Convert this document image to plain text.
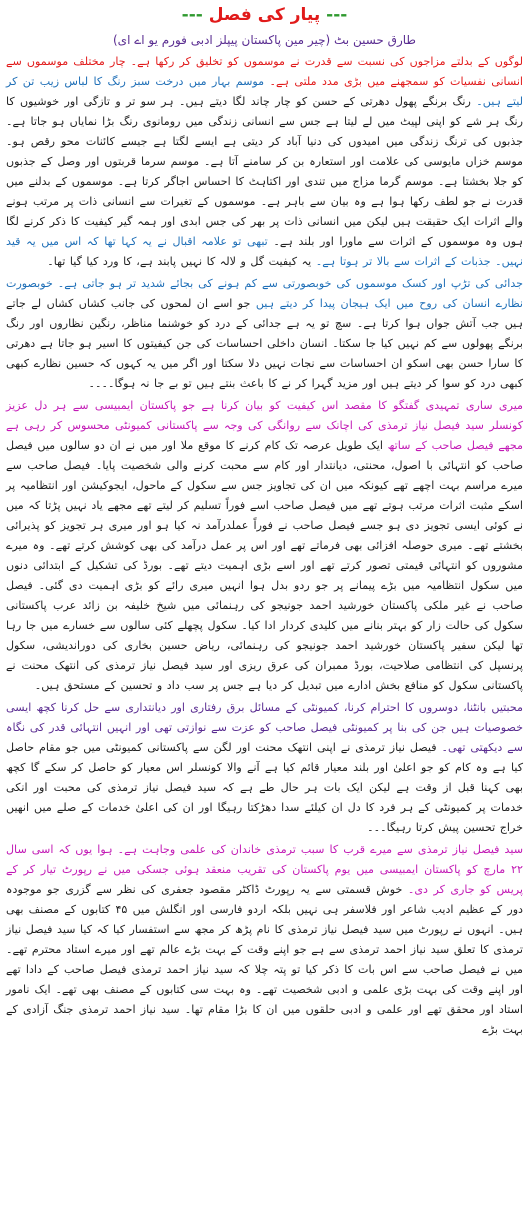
--- پیار کی فصل ---
طارق حسین بٹ (چیر مین پاکستان پیپلز ادبی فورم یو اے ای)

لوگوں کے بدلتے مزاجوں کی نسبت سے قدرت نے موسموں کو تخلیق کر رکھا ہے۔ چار مختلف موسموں سے انسانی نفسیات کو سمجھنے میں بڑی مدد ملتی ہے۔ موسم بہار میں درخت سبز رنگ کا لباس زیب تن کر لیتے ہیں۔ رنگ برنگے پھول دھرتی کے حسن کو چار چاند لگا دیتے ہیں۔ ہر سو تر و تازگی اور خوشیوں کا رنگ ہر شے کو اپنی لپیٹ میں لے لیتا ہے جس سے انسانی زندگی میں رومانوی رنگ بڑا نمایاں ہو جاتا ہے۔ جذبوں کی ترنگ زندگی میں امیدوں کی دنیا آباد کر دیتی ہے ایسے لگتا ہے جیسے کائنات محو رقص ہو۔ موسم خزاں مایوسی کی علامت اور استعارہ بن کر سامنے آتا ہے۔ موسم سرما قربتوں اور وصل کے جذبوں کو جلا بخشتا ہے۔ موسم گرما مزاج میں تندی اور اکتاہٹ کا احساس اجاگر کرتا ہے۔ موسموں کے بدلنے میں قدرت نے جو لطف رکھا ہوا ہے وہ بیان سے باہر ہے۔ موسموں کے تغیرات سے انسانی ذات پر مرتب ہونے والے اثرات ایک حقیقت ہیں لیکن میں انسانی ذات پر بھر کی جس ابدی اور ہمہ گیر کیفیت کا ذکر کرنے لگا ہوں وہ موسموں کے اثرات سے ماورا اور بلند ہے۔ تبھی تو علامہ اقبال نے یہ کہا تھا کہ اس میں یہ قید نہیں۔ جذبات کے اثرات سے بالا تر ہوتا ہے۔ یہ کیفیت گل و لالہ کا نہیں پابند ہے، کا ورد کیا گیا تھا۔

جدائی کی تڑپ اور کسک موسموں کی خوبصورتی سے کم ہونے کی بجائے شدید تر ہو جاتی ہے۔ خوبصورت نظارے انسان کی روح میں ایک ہیجان پیدا کر دیتے ہیں جو اسے ان لمحوں کی جانب کشاں کشاں لے جاتے ہیں جب آتش جواں ہوا کرتا ہے۔ سچ تو یہ ہے جدائی کے درد کو خوشنما مناظر، رنگین نظاروں اور رنگ برنگے پھولوں سے کم نہیں کیا جا سکتا۔ انسان داخلی احساسات کی جن کیفیتوں کا اسیر ہو جاتا ہے دھرتی کا سارا حسن بھی اسکو ان احساسات سے نجات نہیں دلا سکتا اور اگر میں یہ کہوں کہ حسین نظارے کبھی کبھی درد کو سوا کر دیتے ہیں اور مزید گہرا کر نے کا باعث بنتے ہیں تو بے جا نہ ہوگا۔۔۔۔

میری ساری تمہیدی گفتگو کا مقصد اس کیفیت کو بیان کرنا ہے جو پاکستان ایمبیسی سے ہر دل عزیز کونسلر سید فیصل نیاز ترمذی کی اچانک سے روانگی کی وجہ سے پاکستانی کمیونٹی محسوس کر رہی ہے مجھے فیصل صاحب کے ساتھ ایک طویل عرصہ تک کام کرنے کا موقع ملا اور میں نے ان دو سالوں میں فیصل صاحب کو انتہائی با اصول، محنتی، دیانتدار اور کام سے محبت کرنے والی شخصیت پایا۔ فیصل صاحب سے میرے مراسم بہت اچھے تھے کیونکہ میں ان کی تجاویز جس سے سکول کے ماحول، ایجوکیشن اور انتظامیہ پر اسکے مثبت اثرات مرتب ہوتے تھے میں فیصل صاحب اسے فوراً تسلیم کر لیتے تھے مجھے یاد نہیں پڑتا کہ میں نے کوئی ایسی تجویز دی ہو جسے فیصل صاحب نے فوراً عملدرآمد نہ کیا ہو اور میری ہر تجویز کو پذیرائی بخشتے تھے۔ میری حوصلہ افزائی بھی فرماتے تھے اور اس پر عمل درآمد کی بھی کوشش کرتے تھے۔ وہ میرے مشوروں کو انتہائی قیمتی تصور کرتے تھے اور اسے بڑی اہمیت دیتے تھے۔ بورڈ کی تشکیل کے ابتدائی دنوں میں سکول انتظامیہ میں بڑے پیمانے پر جو ردو بدل ہوا انہیں میری رائے کو بڑی اہمیت دی گئی۔ فیصل صاحب نے غیر ملکی پاکستان خورشید احمد جونیجو کی رہنمائی میں شیخ خلیفہ بن زائد عرب پاکستانی سکول کی حالت زار کو بہتر بنانے میں کلیدی کردار ادا کیا۔ سکول پچھلے کئی سالوں سے خسارے میں جا رہا تھا لیکن سفیر پاکستان خورشید احمد جونیجو کی رہنمائی، ریاض حسین بخاری کی دوراندیشی، سکول پرنسپل کی انتظامی صلاحیت، بورڈ ممبران کی عرق ریزی اور سید فیصل نیاز ترمذی کی انتھک محنت نے پاکستانی سکول کو منافع بخش ادارے میں تبدیل کر دیا ہے جس پر سب داد و تحسین کے مستحق ہیں۔

محبتیں بانٹنا، دوسروں کا احترام کرنا، کمیونٹی کے مسائل برق رفتاری اور دیانتداری سے حل کرنا کچھ ایسی خصوصیات ہیں جن کی بنا پر کمیونٹی فیصل صاحب کو عزت سے نوازتی تھی اور انہیں انتہائی قدر کی نگاہ سے دیکھتی تھی۔ فیصل نیاز ترمذی نے اپنی انتھک محنت اور لگن سے پاکستانی کمیونٹی میں جو مقام حاصل کیا ہے وہ کام کو جو اعلیٰ اور بلند معیار قائم کیا ہے آنے والا کونسلر اس معیار کو حاصل کر سکے گا کچھ بھی کہنا قبل از وقت ہے لیکن ایک بات ہر حال طے ہے کہ سید فیصل نیاز ترمذی کی محبت اور انکی خدمات پر کمیونٹی کے ہر فرد کا دل ان کیلئے سدا دھڑکتا رہیگا اور ان کی اعلیٰ خدمات کے صلے میں انھیں خراج تحسین پیش کرتا رہیگا۔۔۔

سید فیصل نیاز ترمذی سے میرے قرب کا سبب ترمذی خاندان کی علمی وجاہت ہے۔ ہوا یوں کہ اسی سال ۲۲ مارچ کو پاکستان ایمبیسی میں یوم پاکستان کی تقریب منعقد ہوئی جسکی میں نے رپورٹ تیار کر کے پریس کو جاری کر دی۔ خوش قسمتی سے یہ رپورٹ ڈاکٹر مقصود جعفری کی نظر سے گزری جو موجودہ دور کے عظیم ادیب شاعر اور فلاسفر ہی نہیں بلکہ اردو فارسی اور انگلش میں ۴۵ کتابوں کے مصنف بھی ہیں۔ انہوں نے رپورٹ میں سید فیصل نیاز ترمذی کا نام پڑھ کر مجھ سے استفسار کیا کہ کیا سید فیصل نیاز ترمذی کا تعلق سید نیاز احمد ترمذی سے ہے جو اپنے وقت کے بہت بڑے عالم تھے اور میرے استاد محترم تھے۔ میں نے فیصل صاحب سے اس بات کا ذکر کیا تو پتہ چلا کہ سید نیاز احمد ترمذی فیصل صاحب کے دادا تھے اور اپنے وقت کی بہت بڑی علمی و ادبی شخصیت تھے۔ وہ بہت سی کتابوں کے مصنف بھی تھے۔ ایک نامور استاد اور محقق تھے اور علمی و ادبی حلقوں میں ان کا بڑا مقام تھا۔ سید نیاز احمد ترمذی جنگ آزادی کے بہت بڑے
